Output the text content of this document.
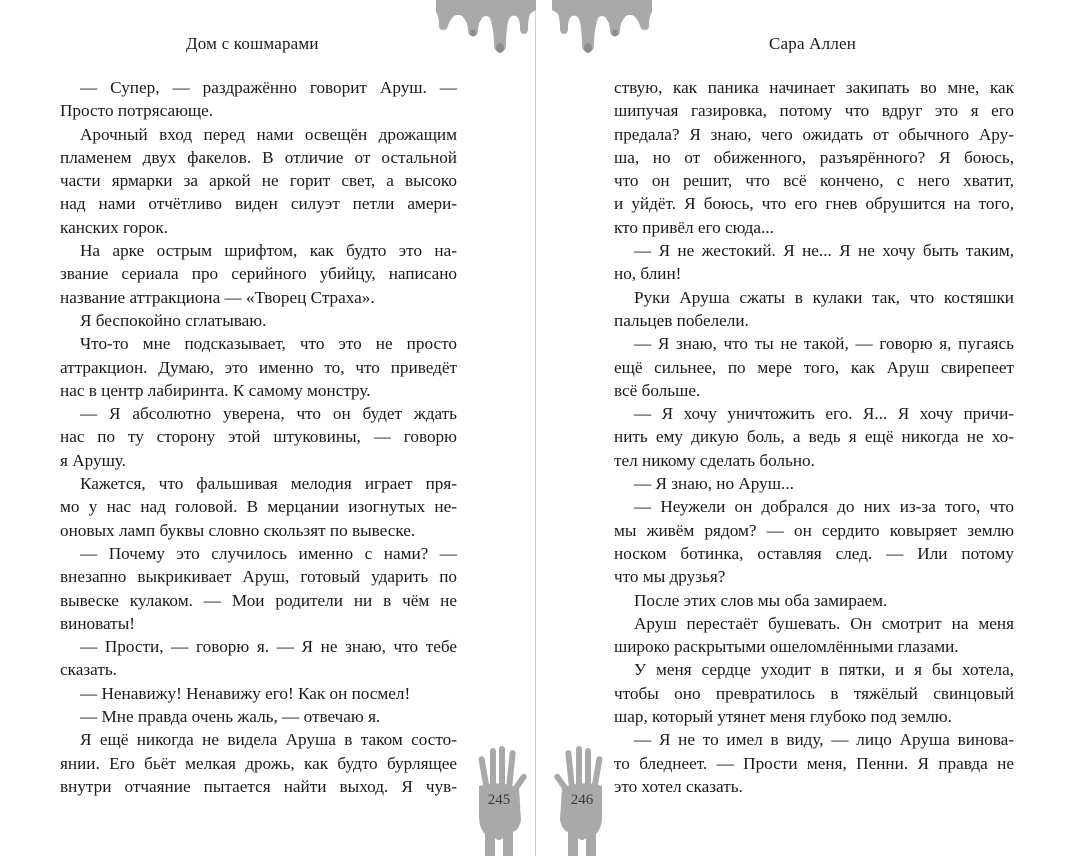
Дом с кошмарами
— Супер, — раздражённо говорит Аруш. —
Просто потрясающе.
Арочный вход перед нами освещён дрожащим
пламенем двух факелов. В отличие от остальной
части ярмарки за аркой не горит свет, а высоко
над нами отчётливо виден силуэт петли амери-
канских горок.
На арке острым шрифтом, как будто это на-
звание сериала про серийного убийцу, написано
название аттракциона — «Творец Страха».
Я беспокойно сглатываю.
Что-то мне подсказывает, что это не просто
аттракцион. Думаю, это именно то, что приведёт
нас в центр лабиринта. К самому монстру.
— Я абсолютно уверена, что он будет ждать
нас по ту сторону этой штуковины, — говорю
я Арушу.
Кажется, что фальшивая мелодия играет пря-
мо у нас над головой. В мерцании изогнутых не-
оновых ламп буквы словно скользят по вывеске.
— Почему это случилось именно с нами? —
внезапно выкрикивает Аруш, готовый ударить по
вывеске кулаком. — Мои родители ни в чём не
виноваты!
— Прости, — говорю я. — Я не знаю, что тебе
сказать.
— Ненавижу! Ненавижу его! Как он посмел!
— Мне правда очень жаль, — отвечаю я.
Я ещё никогда не видела Аруша в таком состо-
янии. Его бьёт мелкая дрожь, как будто бурлящее
внутри отчаяние пытается найти выход. Я чув-
245
Сара Аллен
ствую, как паника начинает закипать во мне, как
шипучая газировка, потому что вдруг это я его
предала? Я знаю, чего ожидать от обычного Ару-
ша, но от обиженного, разъярённого? Я боюсь,
что он решит, что всё кончено, с него хватит,
и уйдёт. Я боюсь, что его гнев обрушится на того,
кто привёл его сюда...
— Я не жестокий. Я не... Я не хочу быть таким,
но, блин!
Руки Аруша сжаты в кулаки так, что костяшки
пальцев побелели.
— Я знаю, что ты не такой, — говорю я, пугаясь
ещё сильнее, по мере того, как Аруш свирепеет
всё больше.
— Я хочу уничтожить его. Я... Я хочу причи-
нить ему дикую боль, а ведь я ещё никогда не хо-
тел никому сделать больно.
— Я знаю, но Аруш...
— Неужели он добрался до них из-за того, что
мы живём рядом? — он сердито ковыряет землю
носком ботинка, оставляя след. — Или потому
что мы друзья?
После этих слов мы оба замираем.
Аруш перестаёт бушевать. Он смотрит на меня
широко раскрытыми ошеломлёнными глазами.
У меня сердце уходит в пятки, и я бы хотела,
чтобы оно превратилось в тяжёлый свинцовый
шар, который утянет меня глубоко под землю.
— Я не то имел в виду, — лицо Аруша винова-
то бледнеет. — Прости меня, Пенни. Я правда не
это хотел сказать.
246
